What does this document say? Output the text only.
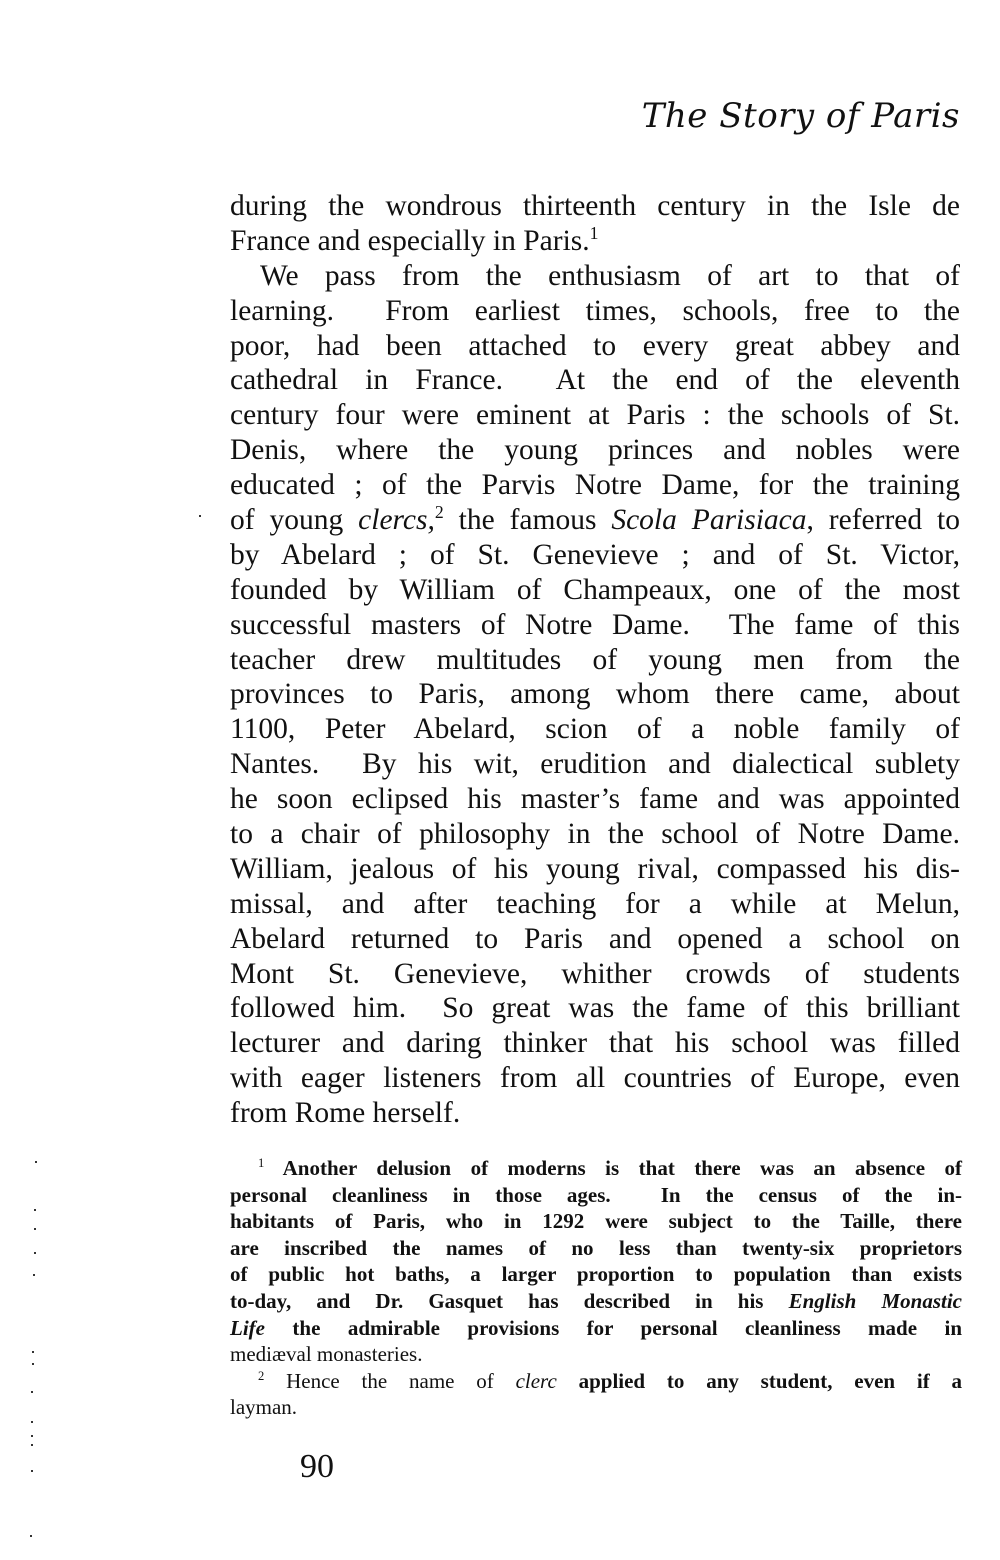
The Story of Paris
during the wondrous thirteenth century in the Isle de
France and especially in Paris.$^1$
We pass from the enthusiasm of art to that of
learning.  From earliest times, schools, free to the
poor, had been attached to every great abbey and
cathedral in France.  At the end of the eleventh
century four were eminent at Paris : the schools of St.
Denis, where the young princes and nobles were
educated ; of the Parvis Notre Dame, for the training
of young clercs,$^2$ the famous Scola Parisiaca, referred to
by Abelard ; of St. Genevieve ; and of St. Victor,
founded by William of Champeaux, one of the most
successful masters of Notre Dame.  The fame of this
teacher drew multitudes of young men from the
provinces to Paris, among whom there came, about
1100, Peter Abelard, scion of a noble family of
Nantes.  By his wit, erudition and dialectical sublety
he soon eclipsed his master’s fame and was appointed
to a chair of philosophy in the school of Notre Dame.
William, jealous of his young rival, compassed his dis-
missal, and after teaching for a while at Melun,
Abelard returned to Paris and opened a school on
Mont St. Genevieve, whither crowds of students
followed him.  So great was the fame of this brilliant
lecturer and daring thinker that his school was filled
with eager listeners from all countries of Europe, even
from Rome herself.
$^1$ Another delusion of moderns is that there was an absence of
personal cleanliness in those ages.  In the census of the in-
habitants of Paris, who in 1292 were subject to the Taille, there
are inscribed the names of no less than twenty-six proprietors
of public hot baths, a larger proportion to population than exists
to-day, and Dr. Gasquet has described in his English Monastic
Life the admirable provisions for personal cleanliness made in
mediæval monasteries.
$^2$ Hence the name of clerc applied to any student, even if a
layman.
90
